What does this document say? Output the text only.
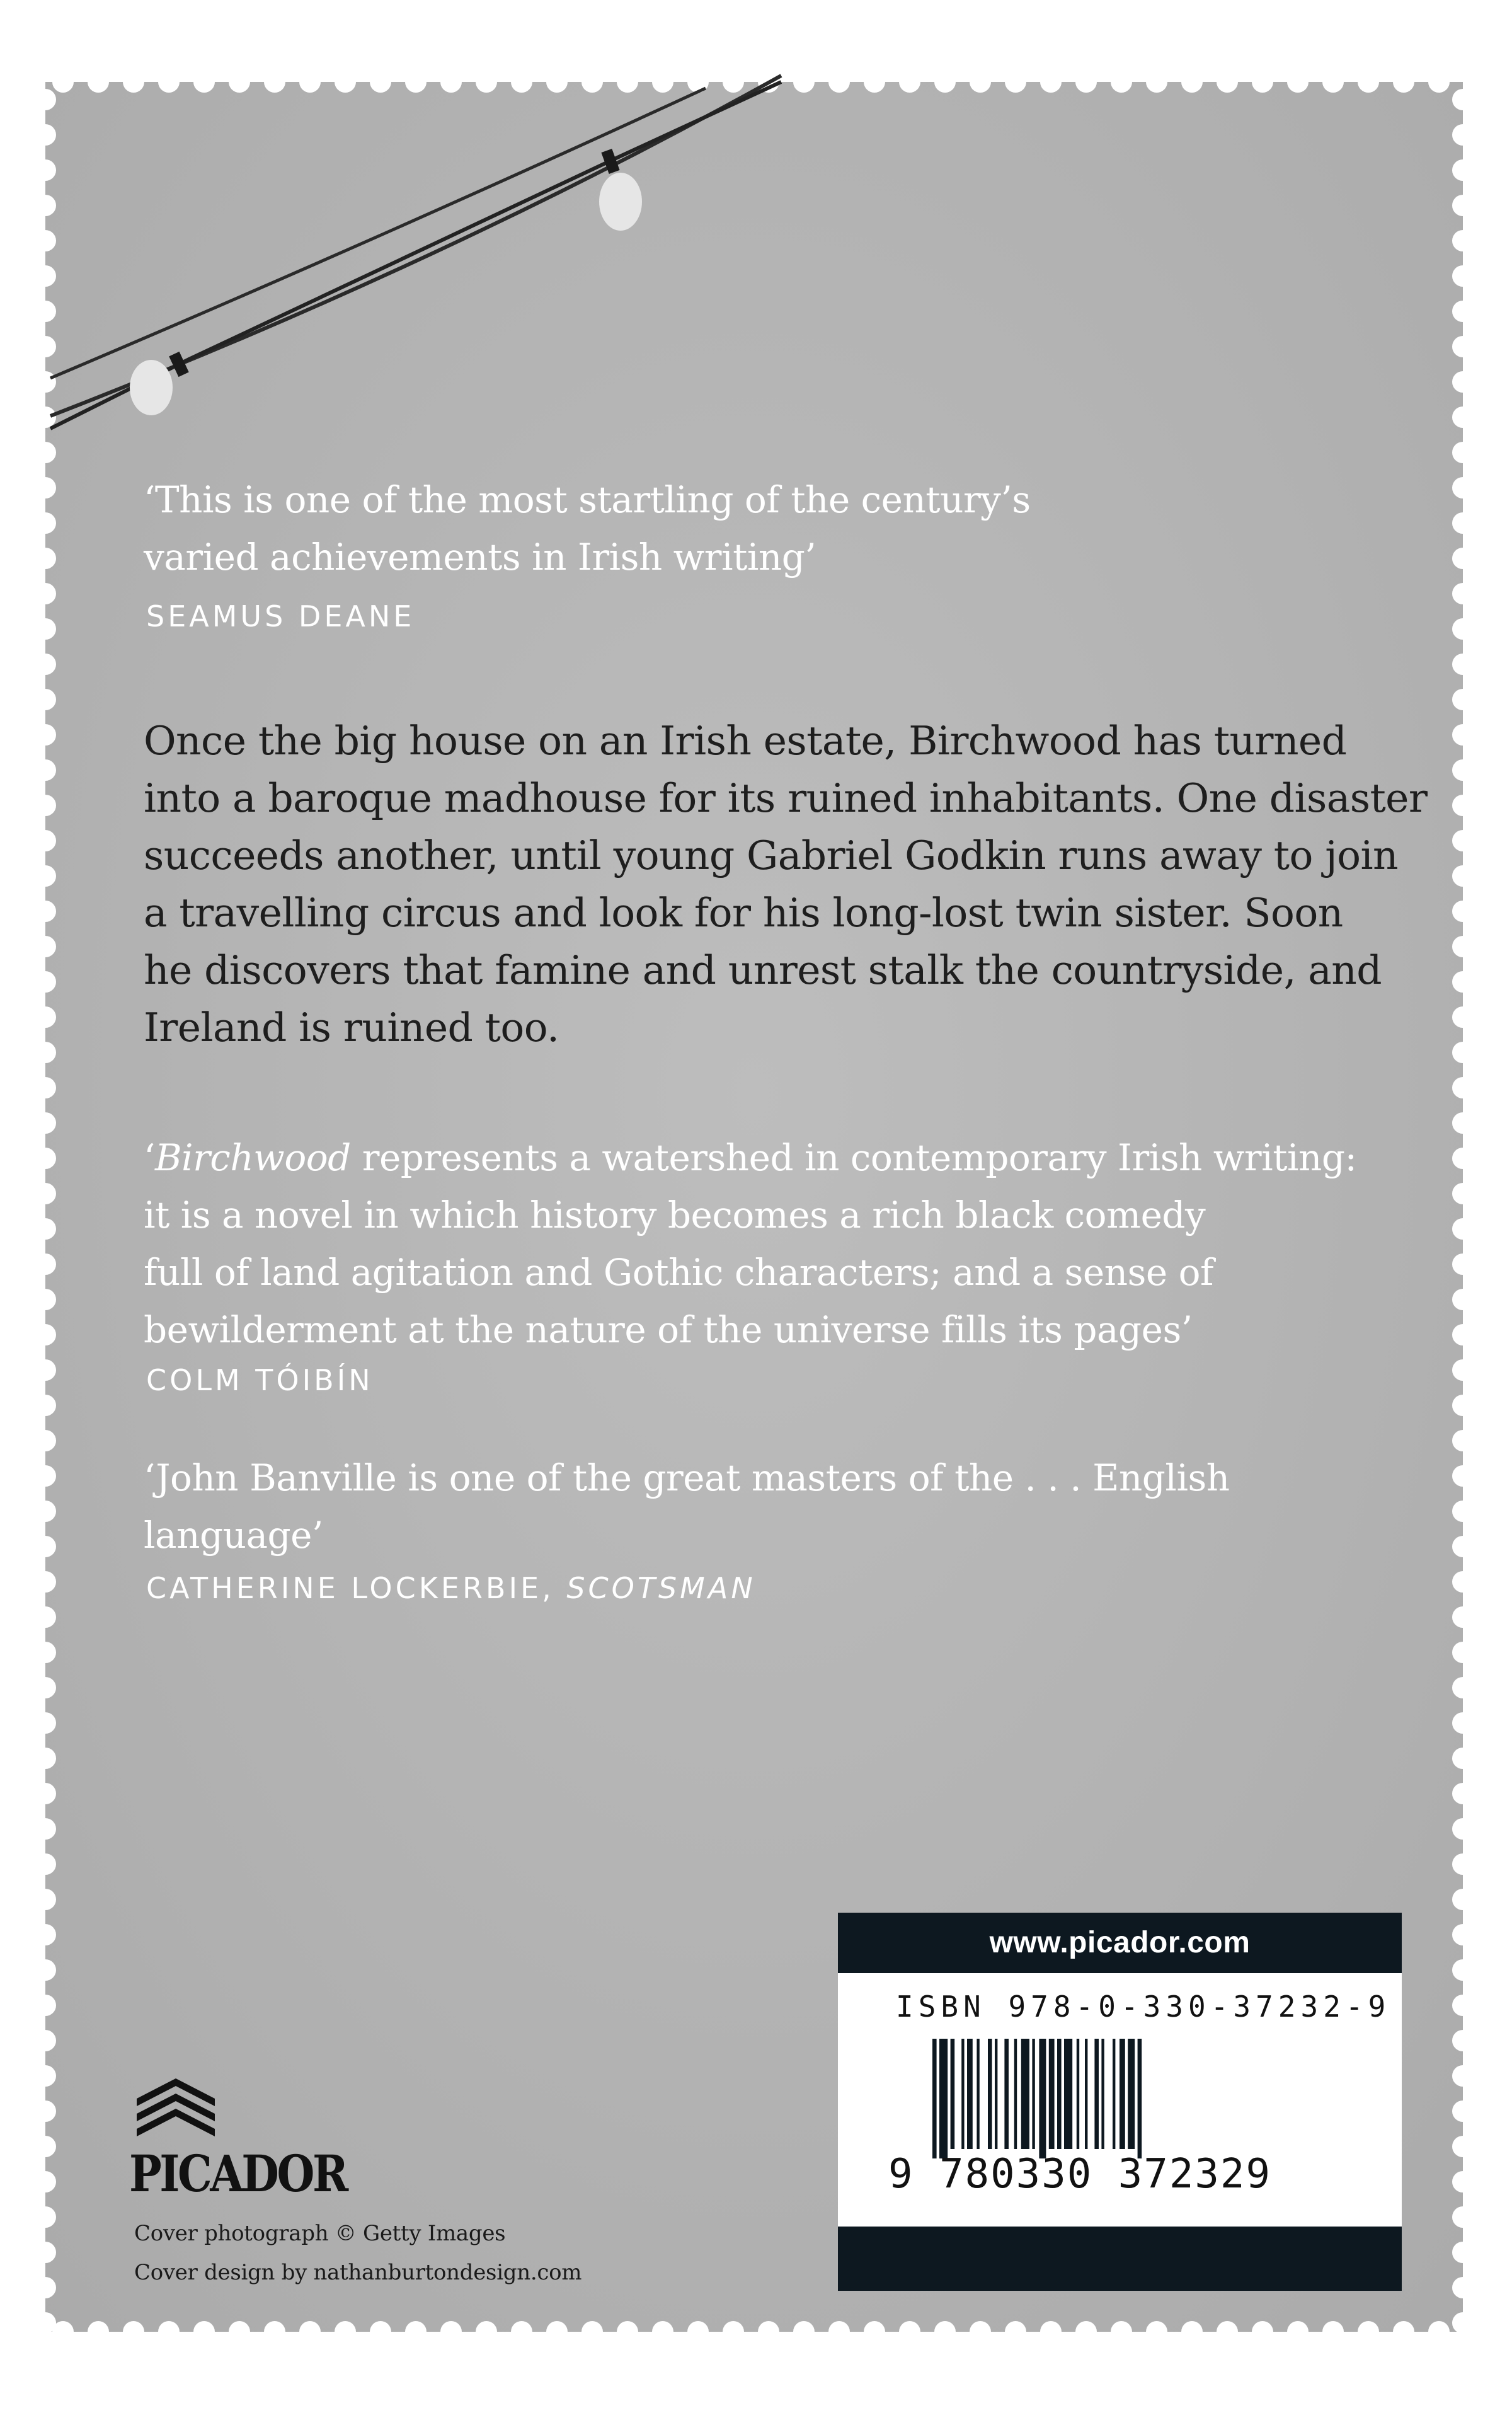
‘This is one of the most startling of the century’s
varied achievements in Irish writing’
SEAMUS DEANE
Once the big house on an Irish estate, Birchwood has turned
into a baroque madhouse for its ruined inhabitants. One disaster
succeeds another, until young Gabriel Godkin runs away to join
a travelling circus and look for his long-lost twin sister. Soon
he discovers that famine and unrest stalk the countryside, and
Ireland is ruined too.
‘Birchwood represents a watershed in contemporary Irish writing:
it is a novel in which history becomes a rich black comedy
full of land agitation and Gothic characters; and a sense of
bewilderment at the nature of the universe fills its pages’
COLM TÓIBÍN
‘John Banville is one of the great masters of the . . . English
language’
CATHERINE LOCKERBIE, SCOTSMAN
PICADOR
Cover photograph © Getty Images
Cover design by nathanburtondesign.com
www.picador.com
ISBN 978-0-330-37232-9
9 780330 372329
